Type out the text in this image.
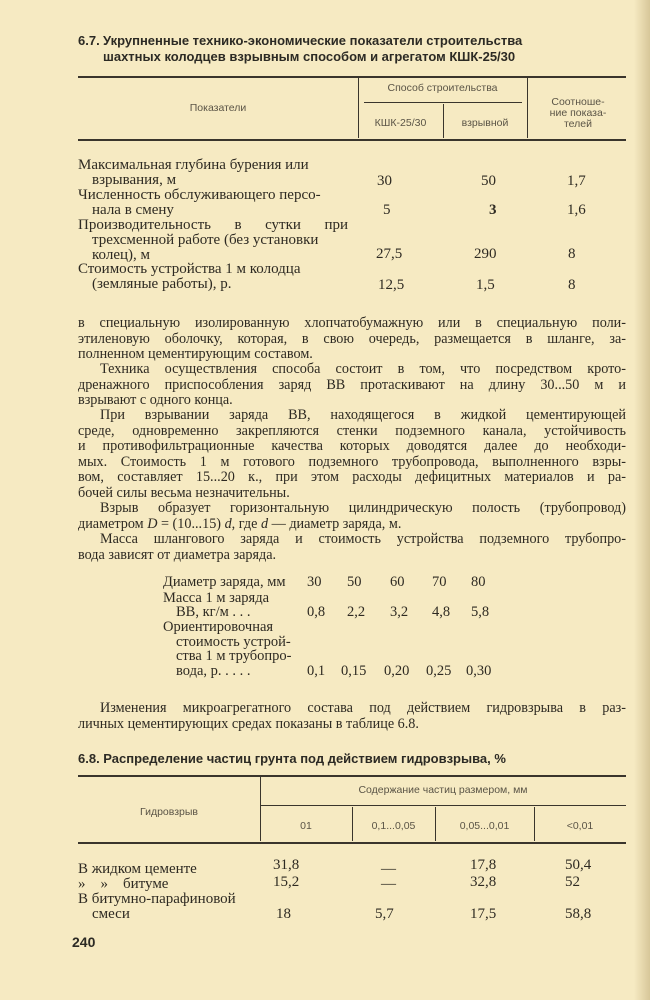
6.7. Укрупненные технико-экономические показатели строительства
шахтных колодцев взрывным способом и агрегатом КШК-25/30
Показатели
Способ строительства
КШК-25/30	взрывной
Соотноше-
ние показа-
телей
Максимальная глубина бурения или
взрывания, м	30	50	1,7
Численность обслуживающего персо-
нала в смену	5	3	1,6
Производительность в сутки при
трехсменной работе (без установки
колец), м	27,5	290	8
Стоимость устройства 1 м колодца
(земляные работы), р.	12,5	1,5	8
в специальную изолированную хлопчатобумажную или в специальную поли-
этиленовую оболочку, которая, в свою очередь, размещается в шланге, за-
полненном цементирующим составом.
Техника осуществления способа состоит в том, что посредством крото-
дренажного приспособления заряд ВВ протаскивают на длину 30...50 м и
взрывают с одного конца.
При взрывании заряда ВВ, находящегося в жидкой цементирующей
среде, одновременно закрепляются стенки подземного канала, устойчивость
и противофильтрационные качества которых доводятся далее до необходи-
мых. Стоимость 1 м готового подземного трубопровода, выполненного взры-
вом, составляет 15...20 к., при этом расходы дефицитных материалов и ра-
бочей силы весьма незначительны.
Взрыв образует горизонтальную цилиндрическую полость (трубопровод)
диаметром D = (10...15) d, где d — диаметр заряда, м.
Масса шлангового заряда и стоимость устройства подземного трубопро-
вода зависят от диаметра заряда.
Диаметр заряда, мм 30 50 60 70 80
Масса 1 м заряда
ВВ, кг/м . . .	0,8 2,2 3,2 4,8 5,8
Ориентировочная
стоимость устрой-
ства 1 м трубопро-
вода, р. . . . .	0,1 0,15 0,20 0,25 0,30
Изменения микроагрегатного состава под действием гидровзрыва в раз-
личных цементирующих средах показаны в таблице 6.8.
6.8. Распределение частиц грунта под действием гидровзрыва, %
Гидровзрыв
Содержание частиц размером, мм
01	0,1...0,05	0,05...0,01	<0,01
В жидком цементе	31,8	—	17,8	50,4
»    »    битуме	15,2	—	32,8	52
В битумно-парафиновой
смеси	18	5,7	17,5	58,8
240
